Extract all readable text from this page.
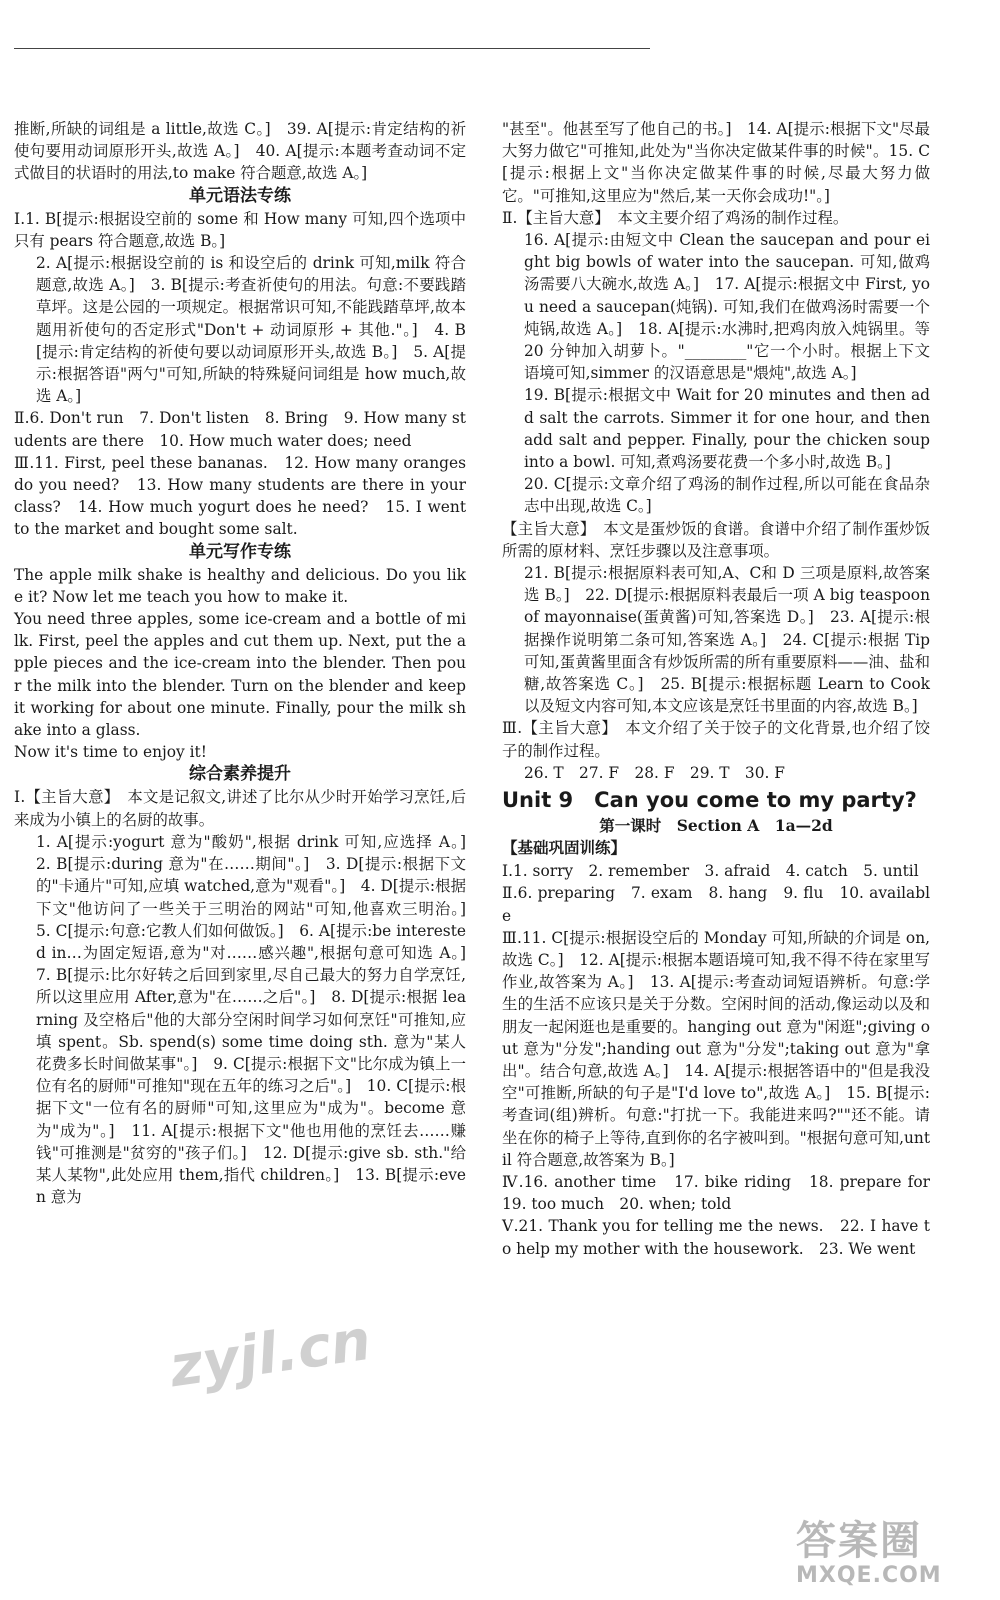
zyjl.cn
推断,所缺的词组是 a little,故选 C。]　39. A[提示:肯定结构的祈使句要用动词原形开头,故选 A。]　40. A[提示:本题考查动词不定式做目的状语时的用法,to make 符合题意,故选 A。]
单元语法专练
Ⅰ.1. B[提示:根据设空前的 some 和 How many 可知,四个选项中只有 pears 符合题意,故选 B。]
2. A[提示:根据设空前的 is 和设空后的 drink 可知,milk 符合题意,故选 A。]　3. B[提示:考查祈使句的用法。句意:不要践踏草坪。这是公园的一项规定。根据常识可知,不能践踏草坪,故本题用祈使句的否定形式"Don't + 动词原形 + 其他."。]　4. B[提示:肯定结构的祈使句要以动词原形开头,故选 B。]　5. A[提示:根据答语"两勺"可知,所缺的特殊疑问词组是 how much,故选 A。]
Ⅱ.6. Don't run　7. Don't listen　8. Bring　9. How many students are there　10. How much water does; need
Ⅲ.11. First, peel these bananas.　12. How many oranges do you need?　13. How many students are there in your class?　14. How much yogurt does he need?　15. I went to the market and bought some salt.
单元写作专练
The apple milk shake is healthy and delicious. Do you like it? Now let me teach you how to make it.
You need three apples, some ice-cream and a bottle of milk. First, peel the apples and cut them up. Next, put the apple pieces and the ice-cream into the blender. Then pour the milk into the blender. Turn on the blender and keep it working for about one minute. Finally, pour the milk shake into a glass.
Now it's time to enjoy it!
综合素养提升
Ⅰ.【主旨大意】　本文是记叙文,讲述了比尔从少时开始学习烹饪,后来成为小镇上的名厨的故事。
1. A[提示:yogurt 意为"酸奶",根据 drink 可知,应选择 A。]　2. B[提示:during 意为"在……期间"。]　3. D[提示:根据下文的"卡通片"可知,应填 watched,意为"观看"。]　4. D[提示:根据下文"他访问了一些关于三明治的网站"可知,他喜欢三明治。]　5. C[提示:句意:它教人们如何做饭。]　6. A[提示:be interested in…为固定短语,意为"对……感兴趣",根据句意可知选 A。]　7. B[提示:比尔好转之后回到家里,尽自己最大的努力自学烹饪,所以这里应用 After,意为"在……之后"。]　8. D[提示:根据 learning 及空格后"他的大部分空闲时间学习如何烹饪"可推知,应填 spent。Sb. spend(s) some time doing sth. 意为"某人花费多长时间做某事"。]　9. C[提示:根据下文"比尔成为镇上一位有名的厨师"可推知"现在五年的练习之后"。]　10. C[提示:根据下文"一位有名的厨师"可知,这里应为"成为"。become 意为"成为"。]　11. A[提示:根据下文"他也用他的烹饪去……赚钱"可推测是"贫穷的"孩子们。]　12. D[提示:give sb. sth."给某人某物",此处应用 them,指代 children。]　13. B[提示:even 意为
"甚至"。他甚至写了他自己的书。]　14. A[提示:根据下文"尽最大努力做它"可推知,此处为"当你决定做某件事的时候"。15. C[提示:根据上文"当你决定做某件事的时候,尽最大努力做它。"可推知,这里应为"然后,某一天你会成功!"。]
Ⅱ.【主旨大意】　本文主要介绍了鸡汤的制作过程。
16. A[提示:由短文中 Clean the saucepan and pour eight big bowls of water into the saucepan. 可知,做鸡汤需要八大碗水,故选 A。]　17. A[提示:根据文中 First, you need a saucepan(炖锅). 可知,我们在做鸡汤时需要一个炖锅,故选 A。]　18. A[提示:水沸时,把鸡肉放入炖锅里。等 20 分钟加入胡萝卜。"________"它一个小时。根据上下文语境可知,simmer 的汉语意思是"煨炖",故选 A。]
19. B[提示:根据文中 Wait for 20 minutes and then add salt the carrots. Simmer it for one hour, and then add salt and pepper. Finally, pour the chicken soup into a bowl. 可知,煮鸡汤要花费一个多小时,故选 B。]
20. C[提示:文章介绍了鸡汤的制作过程,所以可能在食品杂志中出现,故选 C。]
【主旨大意】　本文是蛋炒饭的食谱。食谱中介绍了制作蛋炒饭所需的原材料、烹饪步骤以及注意事项。
21. B[提示:根据原料表可知,A、C和 D 三项是原料,故答案选 B。]　22. D[提示:根据原料表最后一项 A big teaspoon of mayonnaise(蛋黄酱)可知,答案选 D。]　23. A[提示:根据操作说明第二条可知,答案选 A。]　24. C[提示:根据 Tip 可知,蛋黄酱里面含有炒饭所需的所有重要原料——油、盐和糖,故答案选 C。]　25. B[提示:根据标题 Learn to Cook 以及短文内容可知,本文应该是烹饪书里面的内容,故选 B。]
Ⅲ.【主旨大意】　本文介绍了关于饺子的文化背景,也介绍了饺子的制作过程。
26. T　27. F　28. F　29. T　30. F
Unit 9　Can you come to my party?
第一课时　Section A　1a—2d
【基础巩固训练】
Ⅰ.1. sorry　2. remember　3. afraid　4. catch　5. until
Ⅱ.6. preparing　7. exam　8. hang　9. flu　10. available
Ⅲ.11. C[提示:根据设空后的 Monday 可知,所缺的介词是 on,故选 C。]　12. A[提示:根据本题语境可知,我不得不待在家里写作业,故答案为 A。]　13. A[提示:考查动词短语辨析。句意:学生的生活不应该只是关于分数。空闲时间的活动,像运动以及和朋友一起闲逛也是重要的。hanging out 意为"闲逛";giving out 意为"分发";handing out 意为"分发";taking out 意为"拿出"。结合句意,故选 A。]　14. A[提示:根据答语中的"但是我没空"可推断,所缺的句子是"I'd love to",故选 A。]　15. B[提示:考查词(组)辨析。句意:"打扰一下。我能进来吗?""还不能。请坐在你的椅子上等待,直到你的名字被叫到。"根据句意可知,until 符合题意,故答案为 B。]
Ⅳ.16. another time　17. bike riding　18. prepare for　19. too much　20. when; told
Ⅴ.21. Thank you for telling me the news.　22. I have to help my mother with the housework.　23. We went
答案圈
MXQE.COM
